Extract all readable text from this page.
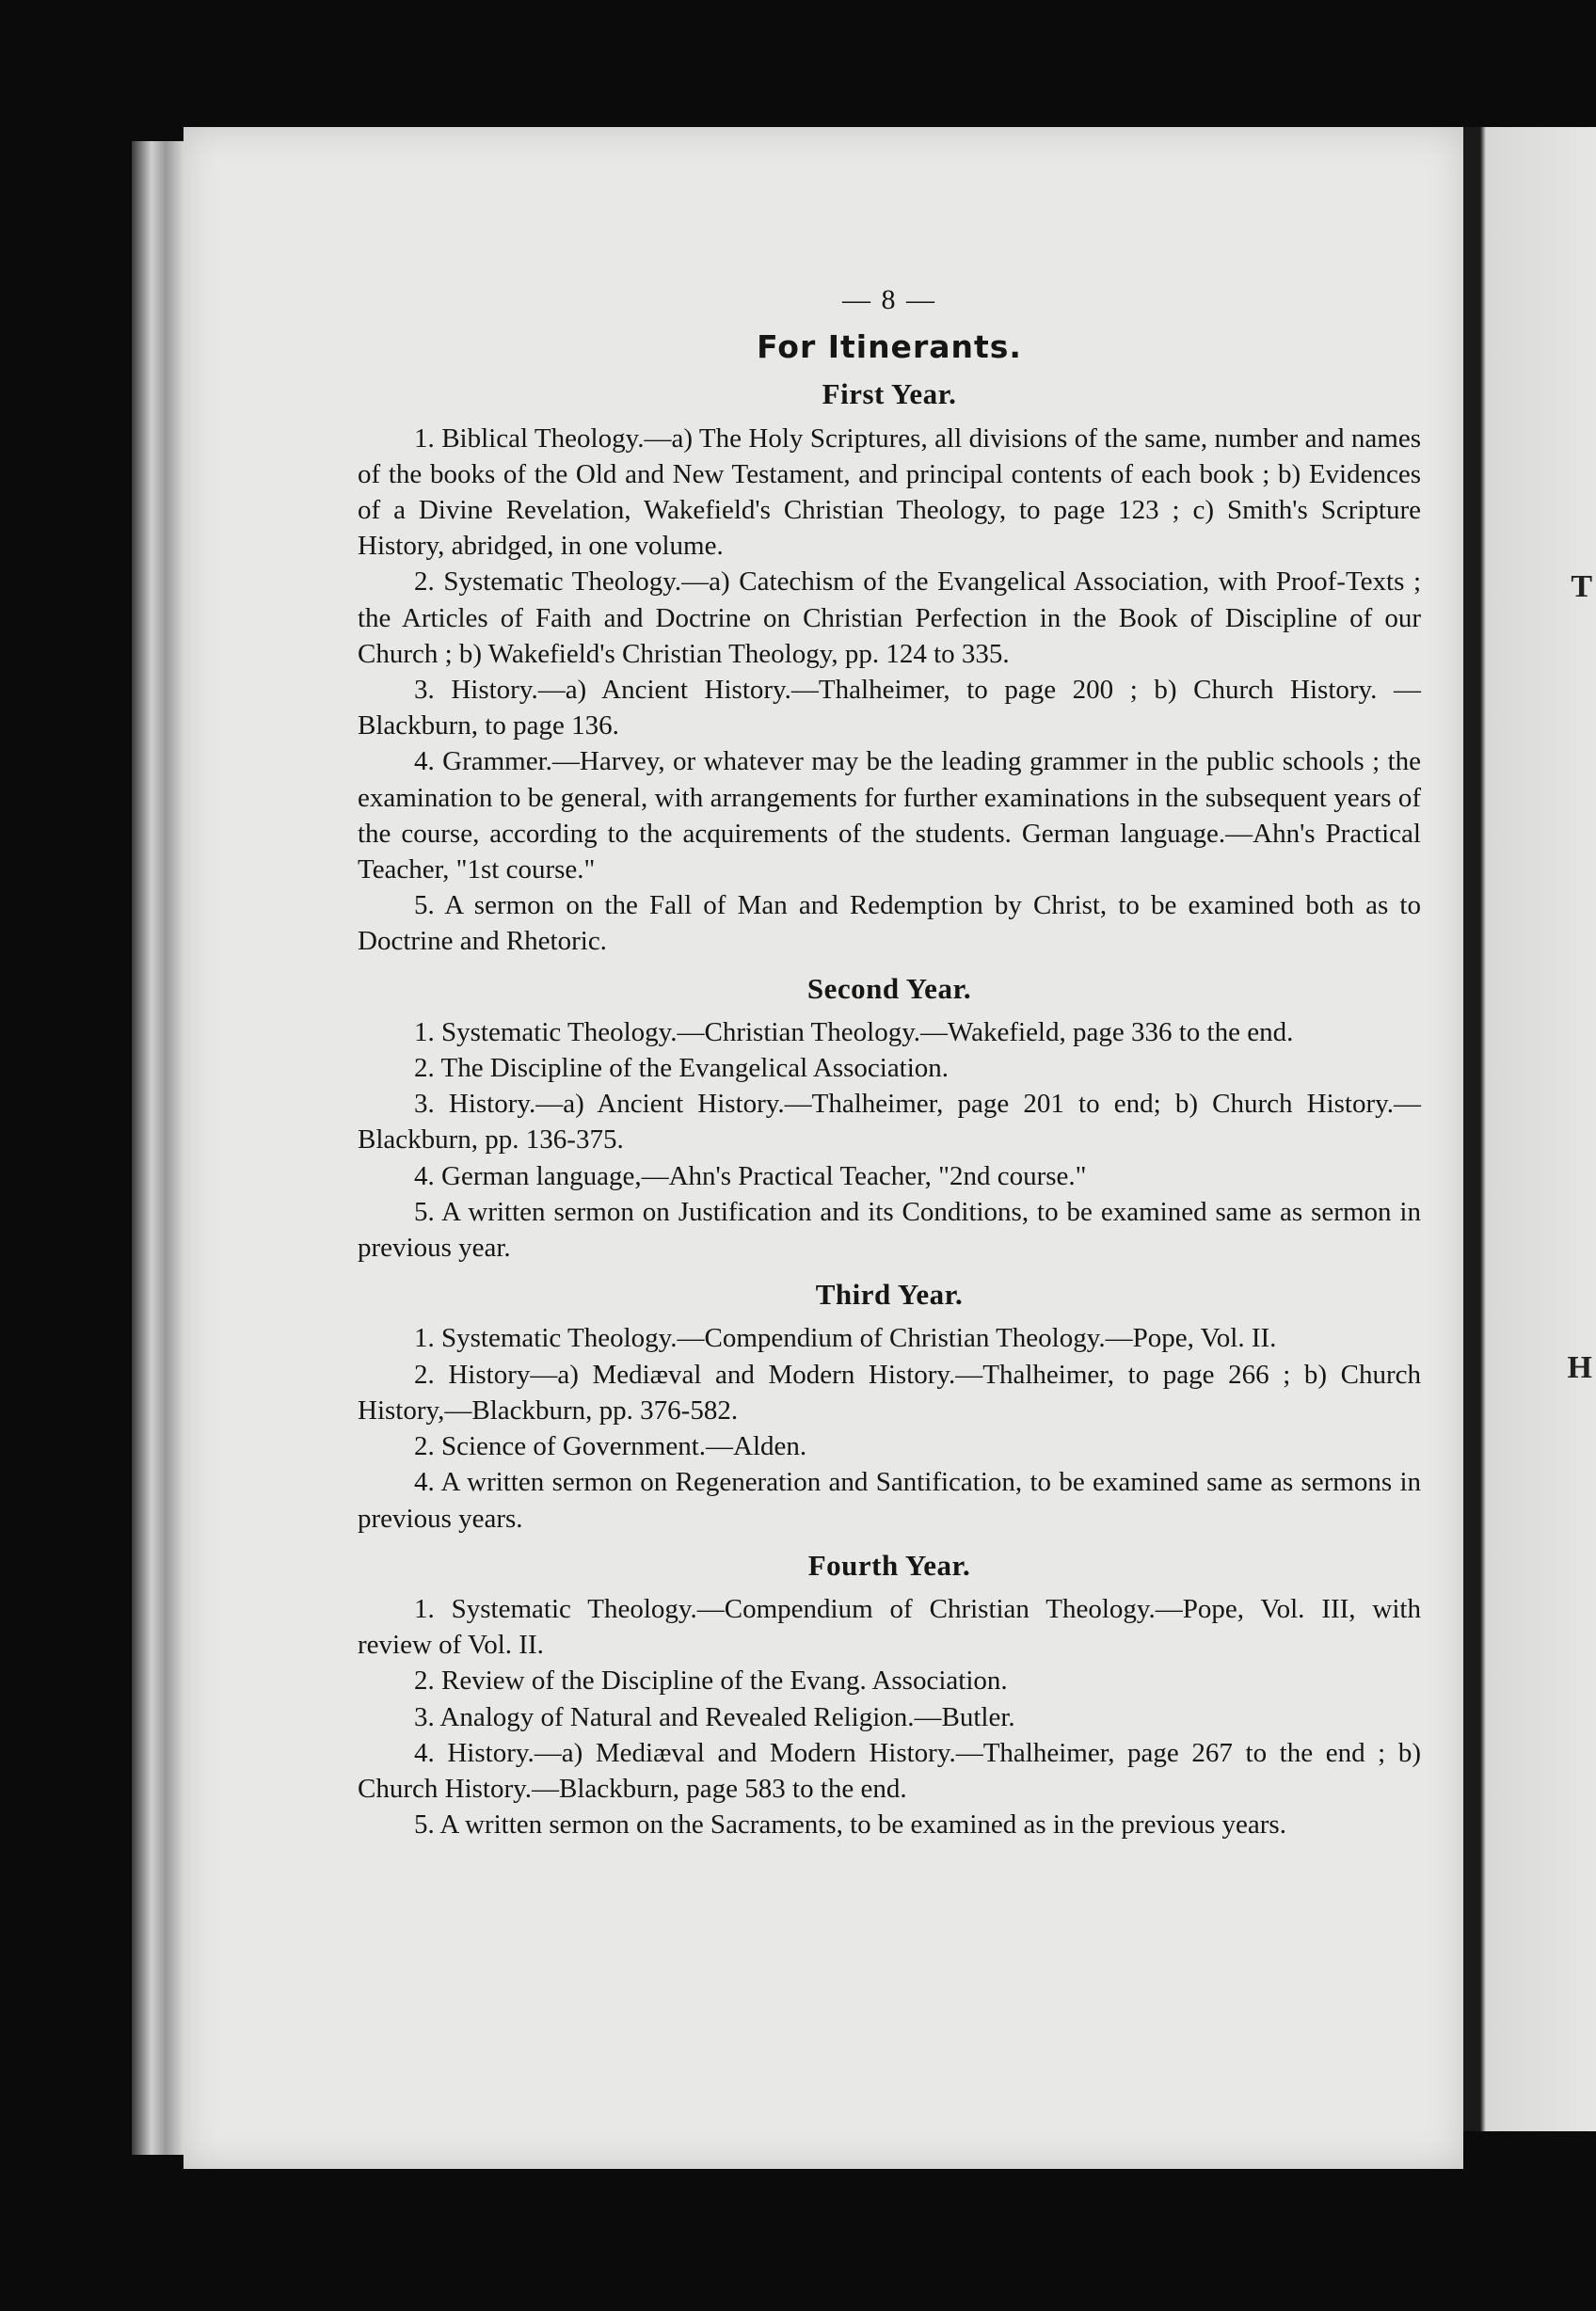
T
H

— 8 —

For Itinerants.
First Year.

1. Biblical Theology.—a) The Holy Scriptures, all divisions of the same, number and names of the books of the Old and New Testament, and principal contents of each book ; b) Evidences of a Divine Revelation, Wakefield's Christian Theology, to page 123 ; c) Smith's Scripture History, abridged, in one volume.

2. Systematic Theology.—a) Catechism of the Evangelical Association, with Proof-Texts ; the Articles of Faith and Doctrine on Christian Perfection in the Book of Discipline of our Church ; b) Wakefield's Christian Theology, pp. 124 to 335.

3. History.—a) Ancient History.—Thalheimer, to page 200 ; b) Church History. —Blackburn, to page 136.

4. Grammer.—Harvey, or whatever may be the leading grammer in the public schools ; the examination to be general, with arrangements for further examinations in the subsequent years of the course, according to the acquirements of the students. German language.—Ahn's Practical Teacher, "1st course."

5. A sermon on the Fall of Man and Redemption by Christ, to be examined both as to Doctrine and Rhetoric.

Second Year.

1. Systematic Theology.—Christian Theology.—Wakefield, page 336 to the end.

2. The Discipline of the Evangelical Association.

3. History.—a) Ancient History.—Thalheimer, page 201 to end; b) Church History.—Blackburn, pp. 136-375.

4. German language,—Ahn's Practical Teacher, "2nd course."

5. A written sermon on Justification and its Conditions, to be examined same as sermon in previous year.

Third Year.

1. Systematic Theology.—Compendium of Christian Theology.—Pope, Vol. II.

2. History—a) Mediæval and Modern History.—Thalheimer, to page 266 ; b) Church History,—Blackburn, pp. 376-582.

2. Science of Government.—Alden.

4. A written sermon on Regeneration and Santification, to be examined same as sermons in previous years.

Fourth Year.

1. Systematic Theology.—Compendium of Christian Theology.—Pope, Vol. III, with review of Vol. II.

2. Review of the Discipline of the Evang. Association.

3. Analogy of Natural and Revealed Religion.—Butler.

4. History.—a) Mediæval and Modern History.—Thalheimer, page 267 to the end ; b) Church History.—Blackburn, page 583 to the end.

5. A written sermon on the Sacraments, to be examined as in the previous years.
